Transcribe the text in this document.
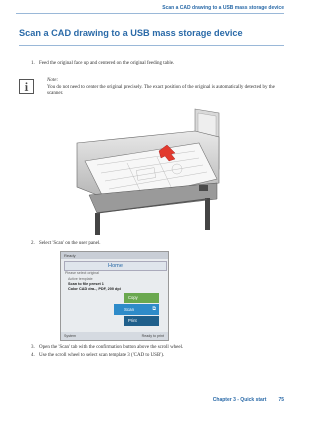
Scan a CAD drawing to a USB mass storage device
Scan a CAD drawing to a USB mass storage device
1. Feed the original face up and centered on the original feeding table.
Note:
You do not need to center the original precisely. The exact position of the original is automatically detected by the scanner.
2. Select 'Scan' on the user panel.
Ready
Home
Please select original
Active template
Scan to file preset 1
Color CAD dra.., PDF, 200 dpi
Copy
Scan	⧉
Print
System	Ready to print
3. Open the 'Scan' tab with the confirmation button above the scroll wheel.
4. Use the scroll wheel to select scan template 3 ('CAD to USB').
Chapter 3 - Quick start 75
